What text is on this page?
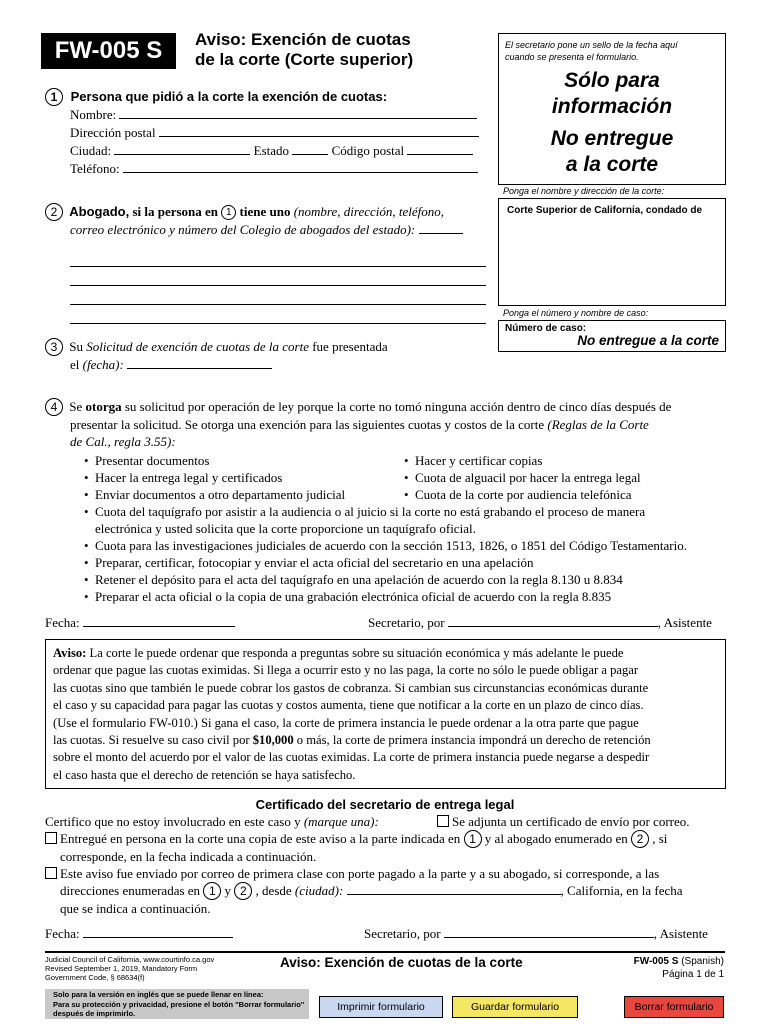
FW-005 S	Aviso: Exención de cuotas
de la corte (Corte superior)
El secretario pone un sello de la fecha aquí
cuando se presenta el formulario.
Sólo para
información
No entregue
a la corte
Ponga el nombre y dirección de la corte:
Corte Superior de California, condado de
Ponga el número y nombre de caso:
Número de caso:
No entregue a la corte
1 Persona que pidió a la corte la exención de cuotas:
Nombre:
Dirección postal
Ciudad:	Estado	Código postal
Teléfono:
2 Abogado, si la persona en 1 tiene uno (nombre, dirección, teléfono,
correo electrónico y número del Colegio de abogados del estado):
3 Su Solicitud de exención de cuotas de la corte fue presentada
el (fecha):
4 Se otorga su solicitud por operación de ley porque la corte no tomó ninguna acción dentro de cinco días después de
presentar la solicitud. Se otorga una exención para las siguientes cuotas y costos de la corte (Reglas de la Corte
de Cal., regla 3.55):
• Presentar documentos
• Hacer la entrega legal y certificados
• Enviar documentos a otro departamento judicial
• Hacer y certificar copias
• Cuota de alguacil por hacer la entrega legal
• Cuota de la corte por audiencia telefónica
• Cuota del taquígrafo por asistir a la audiencia o al juicio si la corte no está grabando el proceso de manera
electrónica y usted solicita que la corte proporcione un taquígrafo oficial.
• Cuota para las investigaciones judiciales de acuerdo con la sección 1513, 1826, o 1851 del Código Testamentario.
• Preparar, certificar, fotocopiar y enviar el acta oficial del secretario en una apelación
• Retener el depósito para el acta del taquígrafo en una apelación de acuerdo con la regla 8.130 u 8.834
• Preparar el acta oficial o la copia de una grabación electrónica oficial de acuerdo con la regla 8.835
Fecha:	Secretario, por	, Asistente
Aviso: La corte le puede ordenar que responda a preguntas sobre su situación económica y más adelante le puede
ordenar que pague las cuotas eximidas. Si llega a ocurrir esto y no las paga, la corte no sólo le puede obligar a pagar
las cuotas sino que también le puede cobrar los gastos de cobranza. Si cambian sus circunstancias económicas durante
el caso y su capacidad para pagar las cuotas y costos aumenta, tiene que notificar a la corte en un plazo de cinco días.
(Use el formulario FW-010.) Si gana el caso, la corte de primera instancia le puede ordenar a la otra parte que pague
las cuotas. Si resuelve su caso civil por $10,000 o más, la corte de primera instancia impondrá un derecho de retención
sobre el monto del acuerdo por el valor de las cuotas eximidas. La corte de primera instancia puede negarse a despedir
el caso hasta que el derecho de retención se haya satisfecho.
Certificado del secretario de entrega legal
Certifico que no estoy involucrado en este caso y (marque una):	Se adjunta un certificado de envío por correo.
Entregué en persona en la corte una copia de este aviso a la parte indicada en 1 y al abogado enumerado en 2 , si
corresponde, en la fecha indicada a continuación.
Este aviso fue enviado por correo de primera clase con porte pagado a la parte y a su abogado, si corresponde, a las
direcciones enumeradas en 1 y 2 , desde (ciudad):	, California, en la fecha
que se indica a continuación.
Fecha:	Secretario, por	, Asistente
Judicial Council of California, www.courtinfo.ca.gov
Revised September 1, 2019, Mandatory Form
Government Code, § 68634(f)
Aviso: Exención de cuotas de la corte	FW-005 S (Spanish)
Página 1 de 1
Solo para la versión en inglés que se puede llenar en línea:
Para su protección y privacidad, presione el botón "Borrar formulario"
después de imprimirlo.
Imprimir formulario	Guardar formulario	Borrar formulario
